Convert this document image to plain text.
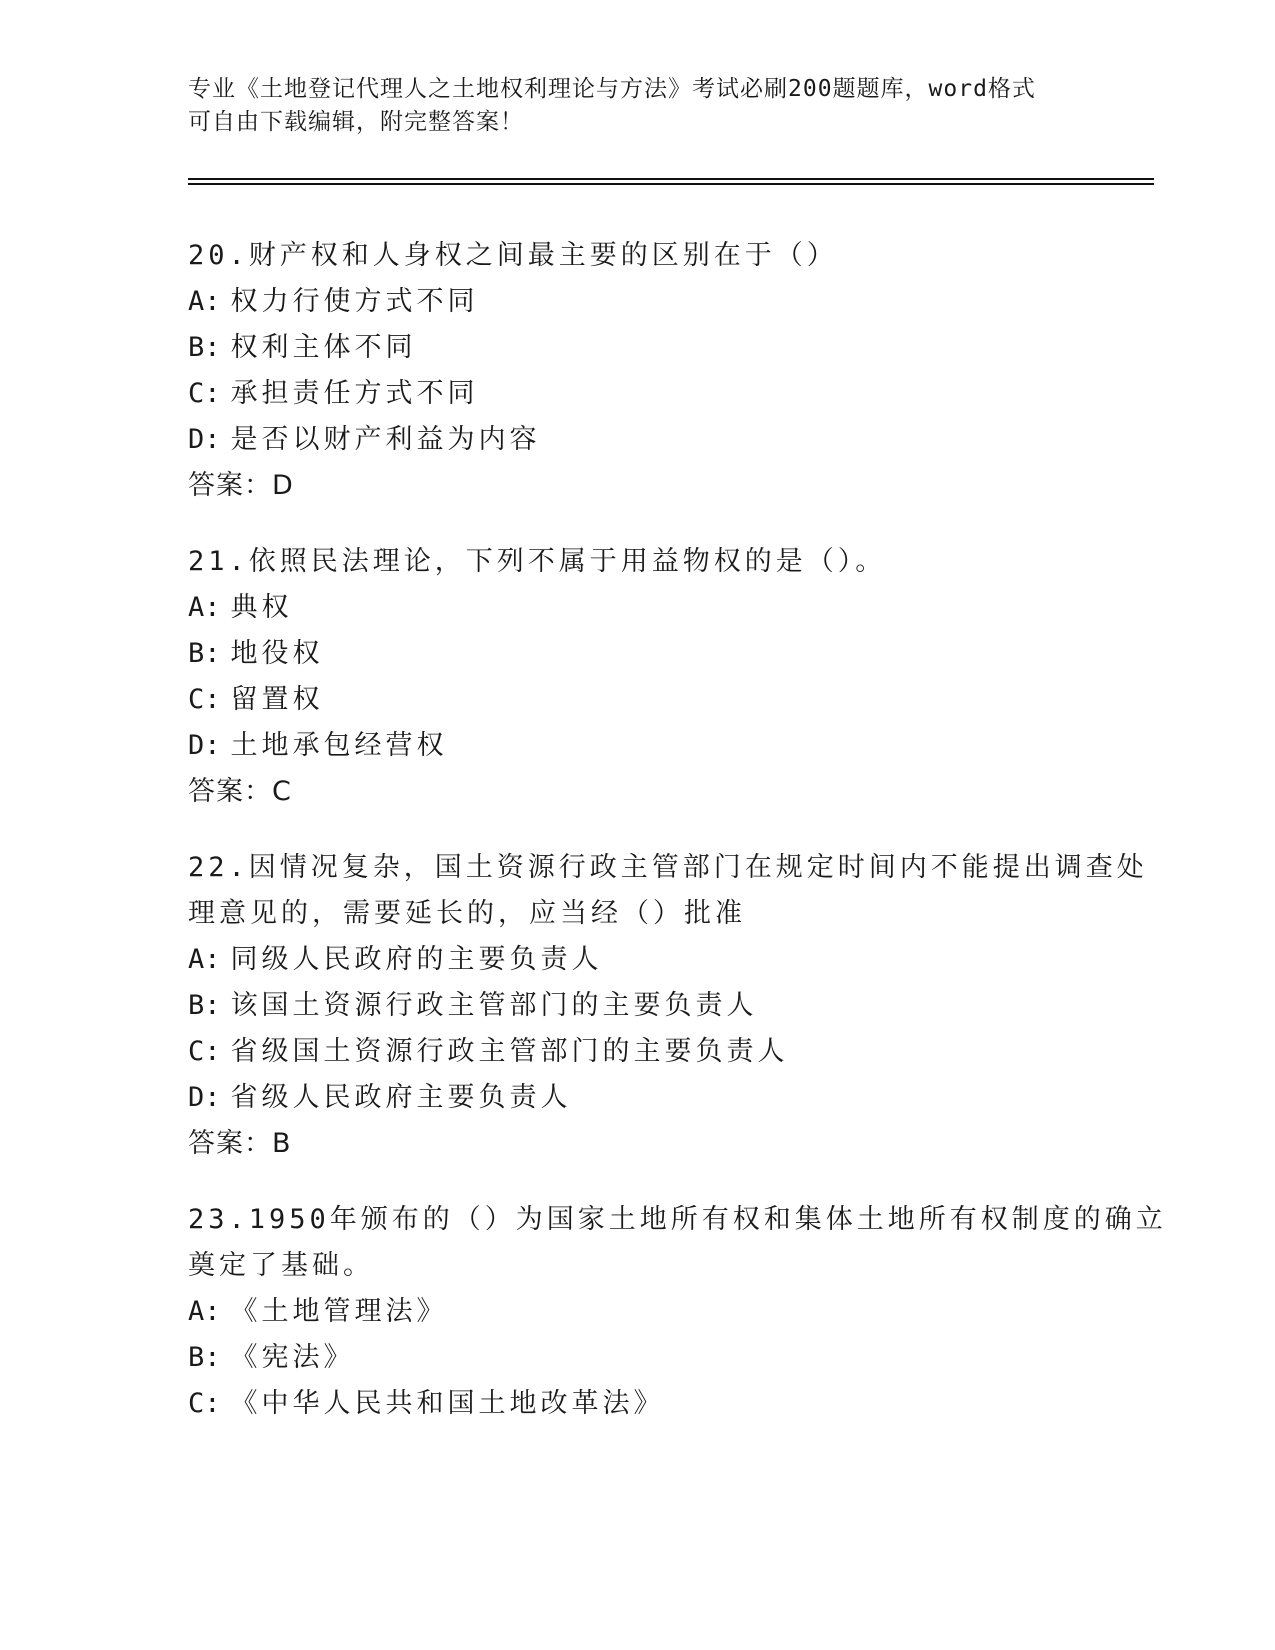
专业《土地登记代理人之土地权利理论与方法》考试必刷200题题库，word格式
可自由下载编辑，附完整答案！
20.财产权和人身权之间最主要的区别在于（）
A: 权力行使方式不同
B: 权利主体不同
C: 承担责任方式不同
D: 是否以财产利益为内容
答案：D
21.依照民法理论，下列不属于用益物权的是（）。
A: 典权
B: 地役权
C: 留置权
D: 土地承包经营权
答案：C
22.因情况复杂，国土资源行政主管部门在规定时间内不能提出调查处
理意见的，需要延长的，应当经（）批准
A: 同级人民政府的主要负责人
B: 该国土资源行政主管部门的主要负责人
C: 省级国土资源行政主管部门的主要负责人
D: 省级人民政府主要负责人
答案：B
23.1950年颁布的（）为国家土地所有权和集体土地所有权制度的确立
奠定了基础。
A: 《土地管理法》
B: 《宪法》
C: 《中华人民共和国土地改革法》
